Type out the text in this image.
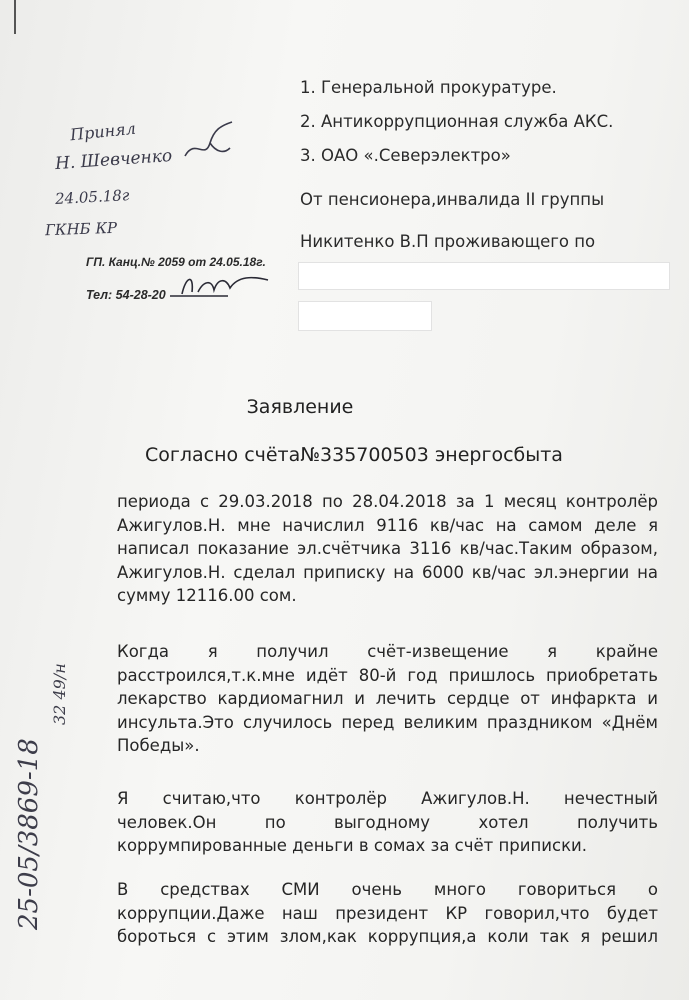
1. Генеральной прокуратуре.
2. Антикоррупционная служба АКС.
3. ОАО «.Северэлектро»
От пенсионера,инвалида II группы
Никитенко В.П проживающего по
Принял
Н. Шевченко
24.05.18г
ГКНБ КР
ГП. Канц.№ 2059 от 24.05.18г.
Тел: 54-28-20
Заявление
Согласно счёта№335700503 энергосбыта
периода с 29.03.2018 по 28.04.2018 за 1 месяц контролёр
Ажигулов.Н. мне начислил 9116 кв/час на самом деле я
написал показание эл.счётчика 3116 кв/час.Таким образом,
Ажигулов.Н. сделал приписку на 6000 кв/час эл.энергии на
сумму 12116.00 сом.
Когда я получил счёт-извещение я крайне
расстроился,т.к.мне идёт 80-й год пришлось приобретать
лекарство кардиомагнил и лечить сердце от инфаркта и
инсульта.Это случилось перед великим праздником «Днём
Победы».
Я считаю,что контролёр Ажигулов.Н. нечестный
человек.Он по выгодному хотел получить
коррумпированные деньги в сомах за счёт приписки.
В средствах СМИ очень много говориться о
коррупции.Даже наш президент КР говорил,что будет
бороться с этим злом,как коррупция,а коли так я решил
32 49/н
25-05/3869-18
